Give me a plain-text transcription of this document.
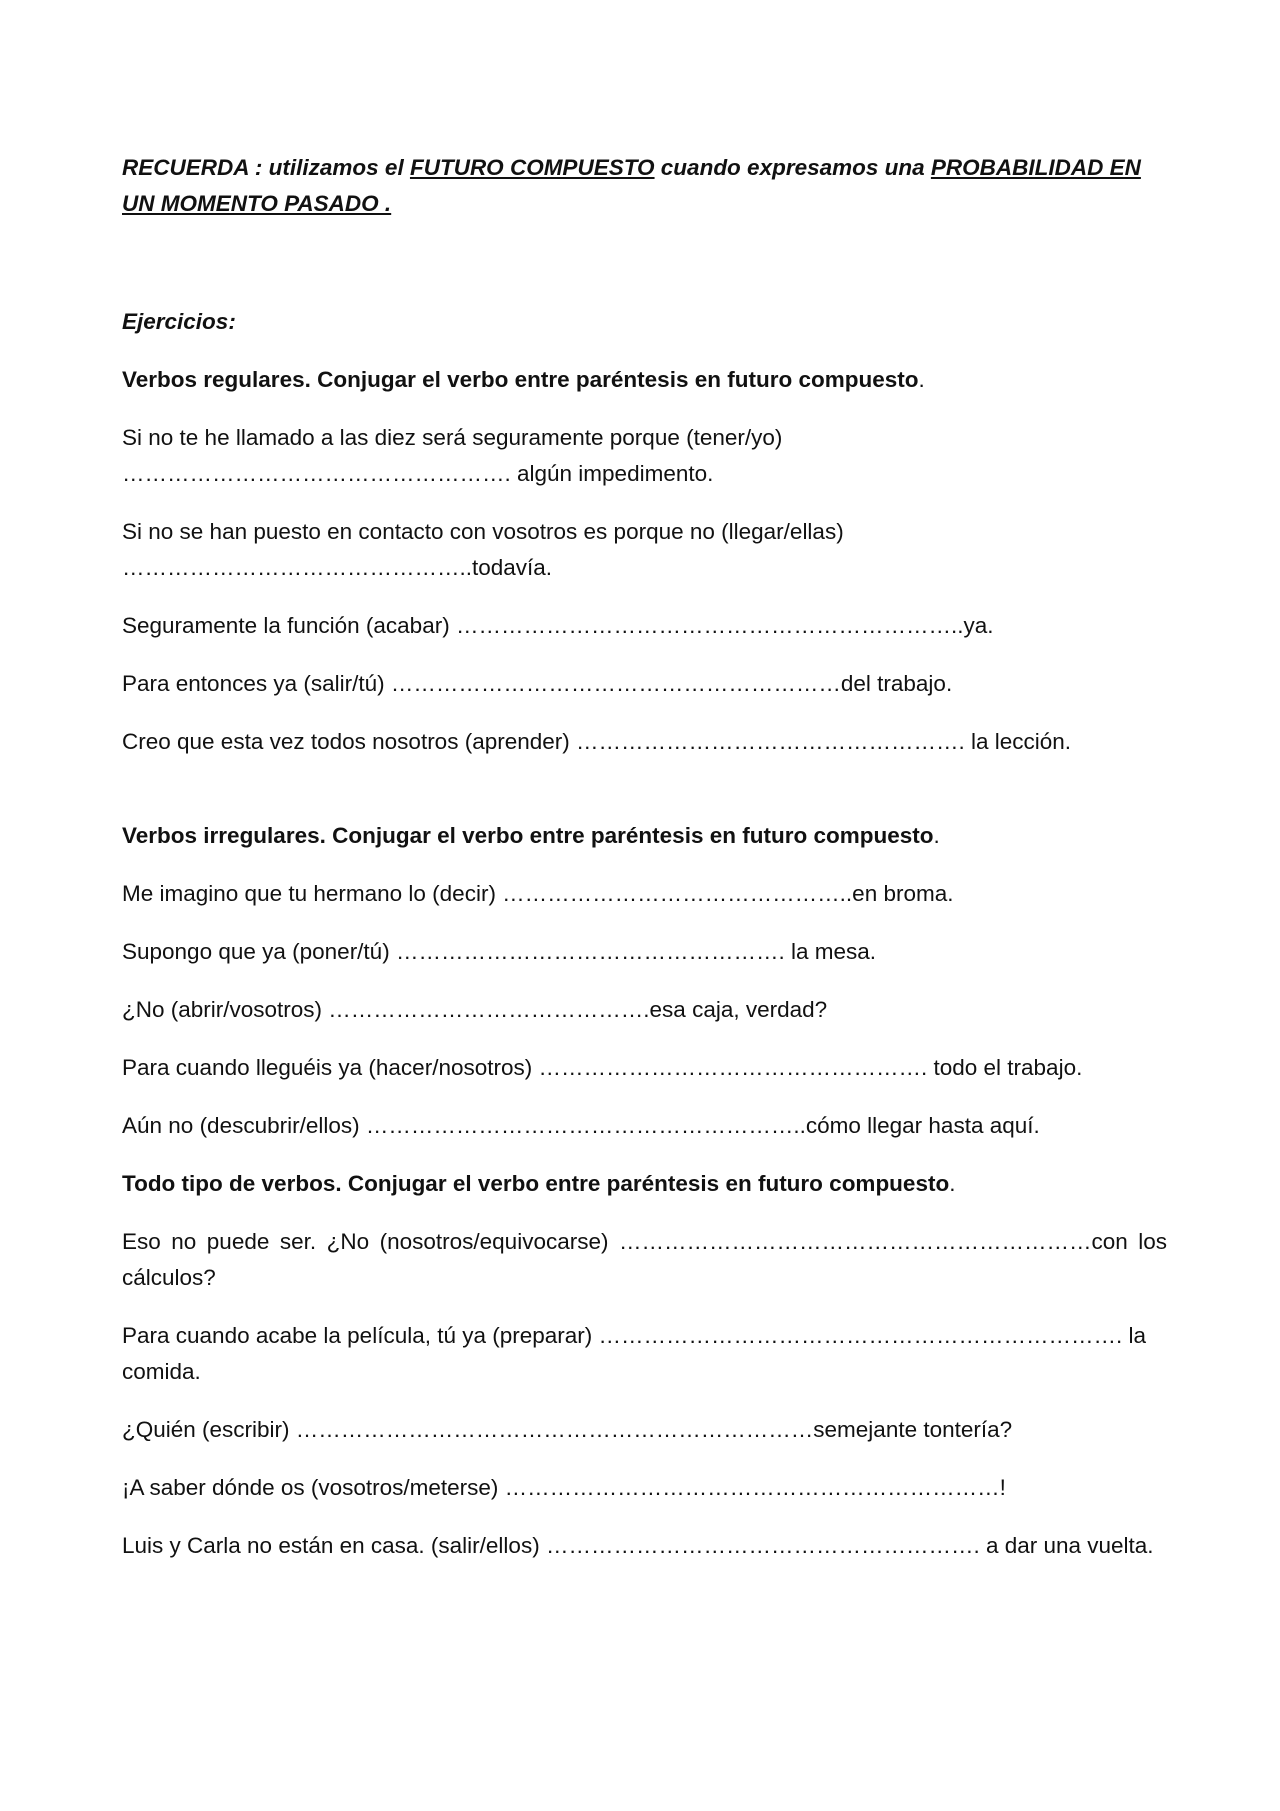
RECUERDA : utilizamos el FUTURO COMPUESTO cuando expresamos una PROBABILIDAD EN UN MOMENTO PASADO .

Ejercicios:

Verbos regulares. Conjugar el verbo entre paréntesis en futuro compuesto.

Si no te he llamado a las diez será seguramente porque (tener/yo) ……………………………………………. algún impedimento.

Si no se han puesto en contacto con vosotros es porque no (llegar/ellas) ………………………………………..todavía.

Seguramente la función (acabar) …………………………………………………………..ya.

Para entonces ya (salir/tú) ……………………………………………………del trabajo.

Creo que esta vez todos nosotros (aprender) ……………………………………………. la lección.

Verbos irregulares. Conjugar el verbo entre paréntesis en futuro compuesto.

Me imagino que tu hermano lo (decir) ………………………………………..en broma.

Supongo que ya (poner/tú) ……………………………………………. la mesa.

¿No (abrir/vosotros) …………………………………….esa caja, verdad?

Para cuando lleguéis ya (hacer/nosotros) ……………………………………………. todo el trabajo.

Aún no (descubrir/ellos) …………………………………………………..cómo llegar hasta aquí.

Todo tipo de verbos. Conjugar el verbo entre paréntesis en futuro compuesto.

Eso no puede ser. ¿No (nosotros/equivocarse) ………………………………………………………con los cálculos?

Para cuando acabe la película, tú ya (preparar) ……………………………………………………………. la comida.

¿Quién (escribir) ……………………………………………………………semejante tontería?

¡A saber dónde os (vosotros/meterse) …………………………………………………………!

Luis y Carla no están en casa. (salir/ellos) …………………………………………………. a dar una vuelta.
